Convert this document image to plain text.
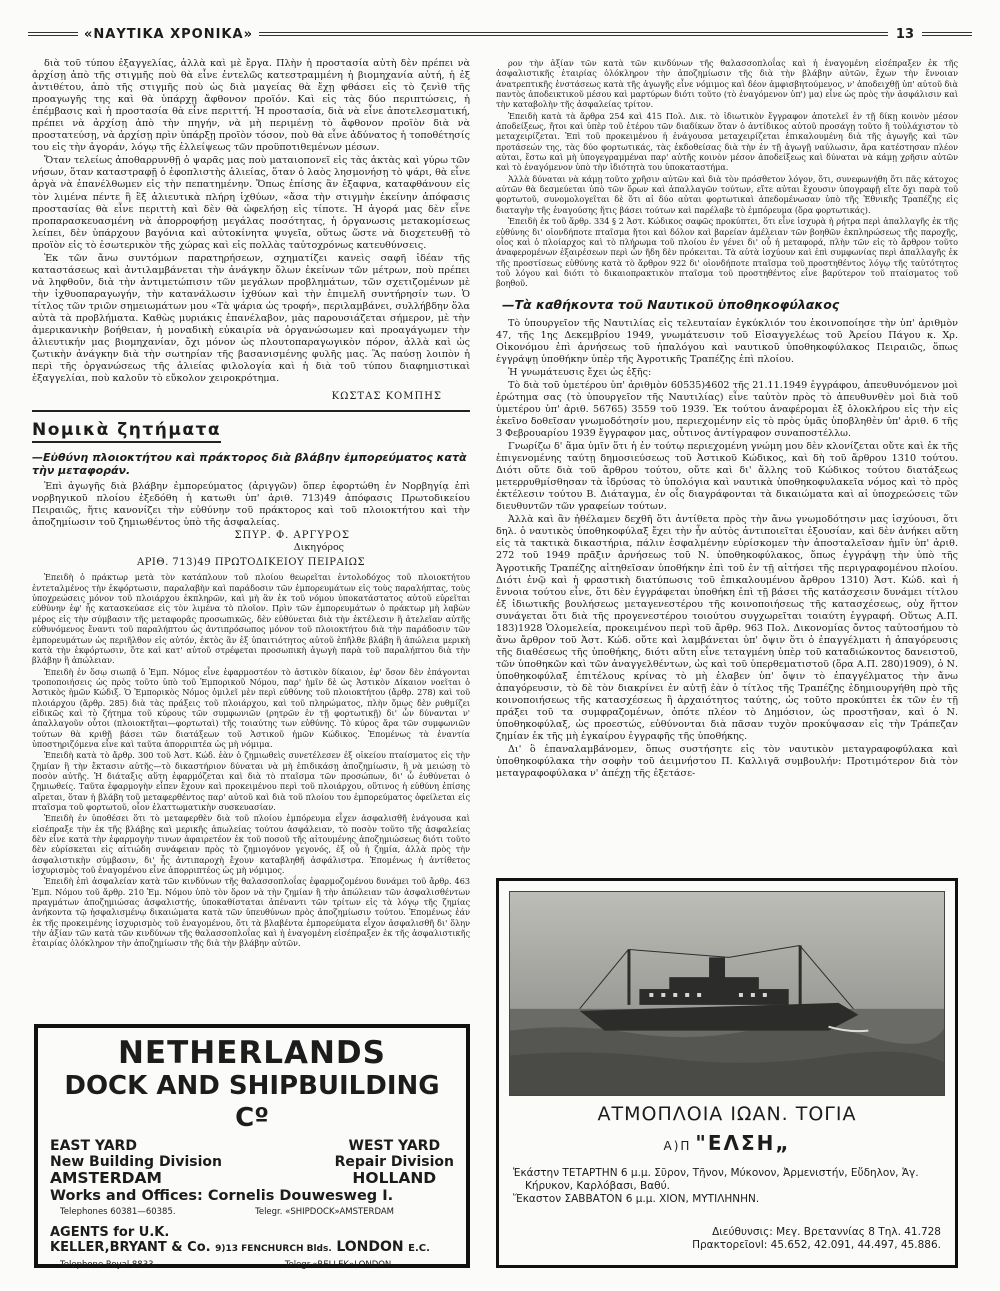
«ΝΑΥΤΙΚΑ ΧΡΟΝΙΚΑ»	13

διὰ τοῦ τύπου ἐξαγγελίας, ἀλλὰ καὶ μὲ ἔργα. Πλὴν ἡ προστασία αὐτὴ δὲν πρέπει νὰ ἀρχίσῃ ἀπὸ τῆς στιγμῆς ποὺ θὰ εἶνε ἐντελῶς κατεστραμμένη ἡ βιομηχανία αὐτή, ἡ ἐξ ἀντιθέτου, ἀπὸ τῆς στιγμῆς ποὺ ὡς διὰ μαγείας θὰ ἔχῃ φθάσει εἰς τὸ ζενὶθ τῆς προαγωγῆς της καὶ θὰ ὑπάρχῃ ἄφθονον προϊόν. Καὶ εἰς τὰς δύο περιπτώσεις, ἡ ἐπέμβασις καὶ ἡ προστασία θὰ εἶνε περιττή. Ἡ προστασία, διὰ νὰ εἶνε ἀποτελεσματική, πρέπει νὰ ἀρχίσῃ ἀπὸ τὴν πηγήν, νὰ μὴ περιμένῃ τὸ ἄφθονον προϊὸν διὰ νὰ προστατεύσῃ, νὰ ἀρχίσῃ πρὶν ὑπάρξῃ προϊὸν τόσον, ποὺ θὰ εἶνε ἀδύνατος ἡ τοποθέτησίς του εἰς τὴν ἀγοράν, λόγῳ τῆς ἐλλείψεως τῶν προϋποτιθεμένων μέσων.

Ὅταν τελείως ἀποθαρρυνθῇ ὁ ψαρᾶς μας ποὺ ματαιοπονεῖ εἰς τὰς ἀκτὰς καὶ γύρω τῶν νήσων, ὅταν καταστραφῇ ὁ ἐφοπλιστὴς ἁλιείας, ὅταν ὁ λαὸς λησμονήσῃ τὸ ψάρι, θὰ εἶνε ἀργὰ νὰ ἐπανέλθωμεν εἰς τὴν πεπατημένην. Ὅπως ἐπίσης ἂν ἐξαφνα, καταφθάνουν εἰς τὸν λιμένα πέντε ἢ ἓξ ἁλιευτικὰ πλήρη ἰχθύων, «ἄσα τὴν στιγμὴν ἐκείνην ἀπόφασις προστασίας θὰ εἶνε περιττὴ καὶ δὲν θὰ ὠφελήσῃ εἰς τίποτε. Ἡ ἀγορά μας δὲν εἶνε προπαρασκευασμένη νὰ ἀπορροφήσῃ μεγάλας ποσότητας, ἡ ὀργανωσις μετακομίσεως λείπει, δὲν ὑπάρχουν βαγόνια καὶ αὐτοκίνητα ψυγεῖα, οὕτως ὥστε νὰ διοχετευθῇ τὸ προϊὸν εἰς τὸ ἐσωτερικὸν τῆς χώρας καὶ εἰς πολλὰς ταὐτοχρόνως κατευθύνσεις.

Ἐκ τῶν ἄνω συντόμων παρατηρήσεων, σχηματίζει κανεὶς σαφῆ ἰδέαν τῆς καταστάσεως καὶ ἀντιλαμβάνεται τὴν ἀνάγκην ὅλων ἐκείνων τῶν μέτρων, ποὺ πρέπει νὰ ληφθοῦν, διὰ τὴν ἀντιμετώπισιν τῶν μεγάλων προβλημάτων, τῶν σχετιζομένων μὲ τὴν ἰχθυοπαραγωγήν, τὴν κατανάλωσιν ἰχθύων καὶ τὴν ἐπιμελῆ συντήρησίν των. Ὁ τίτλος τῶν τριῶν σημειωμάτων μου «Τὰ ψάρια ὡς τροφή», περιλαμβάνει, συλλήβδην ὅλα αὐτὰ τὰ προβλήματα. Καθὼς μυριάκις ἐπανέλαβον, μὰς παρουσιάζεται σήμερον, μὲ τὴν ἀμερικανικὴν βοήθειαν, ἡ μοναδικὴ εὐκαιρία νὰ ὀργανώσωμεν καὶ προαγάγωμεν τὴν ἁλιευτικήν μας βιομηχανίαν, ὄχι μόνον ὡς πλουτοπαραγωγικὸν πόρον, ἀλλὰ καὶ ὡς ζωτικὴν ἀνάγκην διὰ τὴν σωτηρίαν τῆς βασανισμένης φυλῆς μας. Ἂς παύσῃ λοιπὸν ἡ περὶ τῆς ὀργανώσεως τῆς ἁλιείας φιλολογία καὶ ἡ διὰ τοῦ τύπου διαφημιστικαὶ ἐξαγγελίαι, ποὺ καλοῦν τὸ εὔκολον χειροκρότημα.

ΚΩΣΤΑΣ ΚΟΜΠΗΣ
Νομικὰ ζητήματα
—Εὐθύνη πλοιοκτήτου καὶ πράκτορος διὰ βλάβην ἐμπορεύματος κατὰ τὴν μεταφοράν.

Ἐπὶ ἀγωγῆς διὰ βλάβην ἐμπορεύματος (ἀριγγῶν) ὅπερ ἐφορτώθη ἐν Νορβηγίᾳ ἐπὶ νορβηγικοῦ πλοίου ἐξεδόθη ἡ κατωθι ὑπ' ἀριθ. 713)49 ἀπόφασις Πρωτοδικείου Πειραιῶς, ἥτις κανονίζει τὴν εὐθύνην τοῦ πράκτορος καὶ τοῦ πλοιοκτήτου καὶ τὴν ἀποζημίωσιν τοῦ ζημιωθέντος ὑπὸ τῆς ἀσφαλείας.

ΣΠΥΡ. Φ. ΑΡΓΥΡΟΣ
Δικηγόρος
ΑΡΙΘ. 713)49 ΠΡΩΤΟΔΙΚΕΙΟΥ ΠΕΙΡΑΙΩΣ

Ἐπειδὴ ὁ πράκτωρ μετὰ τὸν κατάπλουν τοῦ πλοίου θεωρεῖται ἐντολοδόχος τοῦ πλοιοκτήτου ἐντεταλμένος τὴν ἐκφόρτωσιν, παραλαβὴν καὶ παράδοσιν τῶν ἐμπορευμάτων εἰς τοὺς παραλήπτας, τοὺς ὑποχρεώσεις μόνον τοῦ πλοιάρχου ἐκπληρῶν, καὶ μὴ ἂν ἐκ τοῦ νόμου ὑποκατάστατος αὐτοῦ εὑρεῖται εὐθύνην ἐφ' ἧς κατασκεύασε εἰς τὸν λιμένα τὸ πλοῖον. Πρὶν τῶν ἐμπορευμάτων ὁ πράκτωρ μὴ λαβὼν μέρος εἰς τὴν σύμβασιν τῆς μεταφορᾶς προσωπικῶς, δὲν εὐθύνεται διὰ τὴν ἐκτέλεσιν ἢ ἀτελεῖαν αὐτῆς εὐθυνόμενος ἔναντι τοῦ παραλήπτου ὡς ἀντιπρόσωπος μόνον τοῦ πλοιοκτήτου διὰ τὴν παράδοσιν τῶν ἐμπορευμάτων ὡς περιῆλθον εἰς αὐτόν, ἐκτὸς ἂν ἐξ ὑπαιτιότητος αὐτοῦ ἐπῆλθε βλάβη ἢ ἀπώλεια μερικὴ κατὰ τὴν ἐκφόρτωσιν, ὅτε καὶ κατ' αὐτοῦ στρέφεται προσωπικὴ ἀγωγὴ παρὰ τοῦ παραλήπτου διὰ τὴν βλάβην ἢ ἀπώλειαν.

Ἐπειδὴ ἐν ὅσῳ σιωπᾷ ὁ Ἐμπ. Νόμος εἶνε ἐφαρμοστέον τὸ ἀστικὸν δίκαιον, ἐφ' ὅσον δὲν ἐπάγονται τροποποιήσεις ὡς πρὸς τοῦτο ὑπὸ τοῦ Ἐμπορικοῦ Νόμου, παρ' ἡμῖν δὲ ὡς Ἀστικὸν Δίκαιον νοεῖται ὁ Ἀστικὸς ἡμῶν Κώδιξ. Ὁ Ἐμπορικὸς Νόμος ὁμιλεῖ μὲν περὶ εὐθύνης τοῦ πλοιοκτήτου (ἄρθρ. 278) καὶ τοῦ πλοιάρχου (ἄρθρ. 285) διὰ τὰς πράξεις τοῦ πλοιάρχου, καὶ τοῦ πληρώματος, πλὴν ὅμως δὲν ρυθμίζει εἰδικῶς καὶ τὸ ζήτημα τοῦ κύρους τῶν συμφωνιῶν (ρητρῶν ἐν τῇ φορτωτικῇ) δι' ὧν δύνανται ν' ἀπαλλαγοῦν οὗτοι (πλοιοκτῆται—φορτωταὶ) τῆς τοιαύτης των εὐθύνης. Τὸ κύρος ἄρα τῶν συμφωνιῶν τούτων θὰ κριθῇ βάσει τῶν διατάξεων τοῦ Ἀστικοῦ ἡμῶν Κώδικος. Ἐπομένως τὰ ἐναντία ὑποστηριζόμενα εἶνε καὶ ταῦτα ἀπορριπτέα ὡς μὴ νόμιμα.

Ἐπειδὴ κατὰ τὸ ἄρθρ. 300 τοῦ Ἀστ. Κώδ. ἐὰν ὁ ζημιωθεὶς συνετέλεσεν ἐξ οἰκείου πταίσματος εἰς τὴν ζημίαν ἢ τὴν ἔκτασιν αὐτῆς—τὸ δικαστήριον δύναται νὰ μὴ ἐπιδικάσῃ ἀποζημίωσιν, ἢ νὰ μειώσῃ τὸ ποσὸν αὐτῆς. Ἡ διάταξις αὕτη ἐφαρμόζεται καὶ διὰ τὸ πταῖσμα τῶν προσώπων, δι' ὧ ἐυθύνεται ὁ ζημιωθείς. Ταῦτα ἐφαρμογὴν εἶπεν ἔχουν καὶ προκειμένου περὶ τοῦ πλοιάρχου, οὕτινος ἡ εὐθύνη ἐπίσης αἴρεται, ὅταν ἡ βλάβη τοῦ μεταφερθέντος παρ' αὐτοῦ καὶ διὰ τοῦ πλοίου του ἐμπορεύματος ὀφείλεται εἰς πταῖσμα τοῦ φορτωτοῦ, οἷον ἐλαττωματικὴν συσκευασίαν.

Ἐπειδὴ ἐν ὑποθέσει ὅτι τὸ μεταφερθὲν διὰ τοῦ πλοίου ἐμπόρευμα εἶχεν ἀσφαλισθῆ ἐνάγουσα καὶ εἰσέπραξε τὴν ἐκ τῆς βλάβης καὶ μερικῆς ἀπωλείας τούτου ἀσφάλειαν, τὸ ποσὸν τοῦτο τῆς ἀσφαλείας δὲν εἶνε κατὰ τὴν ἐφαρμογὴν τινων ἀφαιρετέον ἐκ τοῦ ποσοῦ τῆς αἰτουμένης ἀποζημιώσεως διότι τοῦτο δὲν εὑρίσκεται εἰς αἰτιώδη συνάφειαν πρὸς τὸ ζημιογόνον γεγονός, ἐξ οὗ ἡ ζημία, ἀλλὰ πρὸς τὴν ἀσφαλιστικὴν σύμβασιν, δι' ἧς ἀντιπαροχὴ ἔχουν καταβληθῆ ἀσφάλιστρα. Ἐπομένως ἡ ἀντίθετος ἰσχυρισμὸς τοῦ ἐναγομένου εἶνε ἀπορριπτέος ὡς μὴ νόμιμος.

Ἐπειδὴ ἐπὶ ἀσφαλείαν κατὰ τῶν κινδύνων τῆς θαλασσοπλοΐας ἐφαρμοζομένου δυνάμει τοῦ ἄρθρ. 463 Ἐμπ. Νόμου τοῦ ἄρθρ. 210 Ἐμ. Νόμου ὑπὸ τὸν ὅρον νὰ τὴν ζημίαν ἢ τὴν ἀπώλειαν τῶν ἀσφαλισθέντων πραγμάτων ἀποζημιώσας ἀσφαλιστής, ὑποκαθίσταται ἀπέναντι τῶν τρίτων εἰς τὰ λόγῳ τῆς ζημίας ἀνήκοντα τῷ ἠσφαλισμένῳ δικαιώματα κατὰ τῶν ὑπευθύνων πρὸς ἀποζημίωσιν τούτου. Ἐπομένως ἐάν ἐκ τῆς προκειμένης ἰσχυρισμὸς τοῦ ἐναγομένου, ὅτι τὰ βλαβέντα ἐμπορεύματα εἶχον ἀσφαλισθῆ δι' ὅλην τὴν ἀξίαν τῶν κατὰ τῶν κινδύνων τῆς θαλασσοπλοΐας καὶ ἡ ἐναγομένη εἰσέπραξεν ἐκ τῆς ἀσφαλιστικῆς ἑταιρίας ὁλόκληρον τὴν ἀποζημίωσιν τῆς διὰ τὴν βλάβην αὐτῶν.

ρον τὴν ἀξίαν τῶν κατὰ τῶν κινδύνων τῆς θαλασσοπλοΐας καὶ ἡ ἐναγομένη εἰσέπραξεν ἐκ τῆς ἀσφαλιστικῆς ἑταιρίας ὁλόκληρον τὴν ἀποζημίωσιν τῆς διὰ τὴν βλάβην αὐτῶν, ἔχων τὴν ἔννοιαν ἀνατρεπτικῆς ἐνστάσεως κατὰ τῆς ἀγωγῆς εἶνε νόμιμος καὶ δέον ἀμφισβητούμενος, ν' ἀποδειχθῇ ὑπ' αὐτοῦ διὰ παντὸς ἀποδεικτικοῦ μέσου καὶ μαρτύρων διότι τοῦτο (τὸ ἐναγόμενον ὑπ') μα) εἶνε ὡς πρὸς τὴν ἀσφάλισιν καὶ τὴν καταβολὴν τῆς ἀσφαλείας τρίτον.

Ἐπειδὴ κατὰ τὰ ἄρθρα 254 καὶ 415 Πολ. Δικ. τὸ ἰδιωτικὸν ἔγγραφον ἀποτελεῖ ἐν τῇ δίκῃ κοινὸν μέσον ἀποδείξεως, ἤτοι καὶ ὑπὲρ τοῦ ἑτέρου τῶν διαδίκων ὅταν ὁ ἀντίδικος αὐτοῦ προσάγῃ τοῦτο ἢ τοὐλάχιστον τὸ μεταχειρίζεται. Ἐπὶ τοῦ προκειμένου ἡ ἐνάγουσα μεταχειρίζεται ἐπικαλουμένη διὰ τῆς ἀγωγῆς καὶ τῶν προτάσεών της, τὰς δύο φορτωτικάς, τὰς ἐκδοθείσας διὰ τὴν ἐν τῇ ἀγωγῇ ναύλωσιν, ἄρα κατέστησαν πλέον αὐται, ἔστω καὶ μὴ ὑπογεγραμμέναι παρ' αὐτῆς κοινὸν μέσον ἀποδείξεως καὶ δύναται νὰ κάμῃ χρῆσιν αὐτῶν καὶ τὸ ἐναγόμενον ὑπὸ τὴν ἰδιότητὰ του ὑποκαταστήμα.

Ἀλλὰ δύναται νὰ κάμῃ τοῦτο χρῆσιν αὐτῶν καὶ διὰ τὸν πρόσθετον λόγον, ὅτι, συνεφωνήθη ὅτι πᾶς κάτοχος αὐτῶν θὰ δεσμεύεται ὑπὸ τῶν ὅρων καὶ ἀπαλλαγῶν τούτων, εἴτε αὐται ἔχουσιν ὑπογραφῇ εἴτε ὄχι παρὰ τοῦ φορτωτοῦ, συνομολογεῖται δὲ ὅτι αἱ δύο αὐται φορτωτικαὶ ἀπεδομένωσαν ὑπὸ τῆς Ἐθνικῆς Τραπέζης εἰς διαταγὴν τῆς ἐναγούσης ἥτις βάσει τούτων καὶ παρέλαβε τὸ ἐμπόρευμα (ὅρα φορτωτικάς).

Ἐπειδὴ ἐκ τοῦ ἄρθρ. 334 § 2 Ἀστ. Κώδικος σαφῶς προκύπτει, ὅτι εἶνε ἰσχυρὰ ἡ ρήτρα περὶ ἀπαλλαγῆς ἐκ τῆς εὐθύνης δι' οἱονδήποτε πταῖσμα ἤτοι καὶ δόλον καὶ βαρείαν ἀμέλειαν τῶν βοηθῶν ἐκπληρώσεως τῆς παροχῆς, οἷος καὶ ὁ πλοίαρχος καὶ τὸ πλήρωμα τοῦ πλοίου ἐν γένει δι' οὗ ἡ μεταφορά, πλὴν τῶν εἰς τὸ ἄρθρον τοῦτο ἀναφερομένων ἐξαιρέσεων περὶ ὧν ἤδη δὲν πρόκειται. Τὰ αὐτὰ ἰσχύουν καὶ ἐπὶ συμφωνίας περὶ ἀπαλλαγῆς ἐκ τῆς προστίσεως εὐθύνης κατὰ τὸ ἄρθρον 922 δι' οἱονδήποτε πταῖσμα τοῦ προστηθέντος λόγῳ τῆς ταὐτότητος τοῦ λόγου καὶ διότι τὸ δικαιοπρακτικὸν πταῖσμα τοῦ προστηθέντος εἶνε βαρύτερον τοῦ πταίσματος τοῦ βοηθοῦ.

—Τὰ καθήκοντα τοῦ Ναυτικοῦ ὑποθηκοφύλακος

Τὸ ὑπουργεῖον τῆς Ναυτιλίας εἰς τελευταίαν ἐγκύκλιόν του ἐκοινοποίησε τὴν ὑπ' ἀριθμὸν 47, τῆς 1ης Δεκεμβρίου 1949, γνωμάτευσιν τοῦ Εἰσαγγελέως τοῦ Ἀρείου Πάγου κ. Χρ. Οἰκονόμου ἐπὶ ἀρνήσεως τοῦ ἠπαλόγου καὶ ναυτικοῦ ὑποθηκοφύλακος Πειραιῶς, ὅπως ἐγγράψῃ ὑποθήκην ὑπὲρ τῆς Ἀγροτικῆς Τραπέζης ἐπὶ πλοίου.

Ἡ γνωμάτευσις ἔχει ὡς ἑξῆς:

Τὸ διὰ τοῦ ὑμετέρου ὑπ' ἀριθμὸν 60535)4602 τῆς 21.11.1949 ἐγγράφου, ἀπευθυνόμενον μοὶ ἐρώτημα σας (τὸ ὑπουργεῖον τῆς Ναυτιλίας) εἶνε ταὐτὸν πρὸς τὸ ἀπευθυνθὲν μοὶ διὰ τοῦ ὑμετέρου ὑπ' ἀριθ. 56765) 3559 τοῦ 1939. Ἐκ τούτου ἀναφέρομαι ἐξ ὁλοκλήρου εἰς τὴν εἰς ἐκεῖνο δοθεῖσαν γνωμοδότησίν μου, περιεχομένην εἰς τὸ πρὸς ὑμᾶς ὑποβληθὲν ὑπ' ἀριθ. 6 τῆς 3 Φεβρουαρίου 1939 ἔγγραφον μας, οὗτινος ἀντίγραφον συναποστέλλω.

Γνωρίζω δ' ἅμα ὑμῖν ὅτι ἡ ἐν τούτῳ περιεχομένη γνώμη μου δὲν κλονίζεται οὔτε καὶ ἐκ τῆς ἐπιγενομένης ταύτῃ δημοσιεύσεως τοῦ Ἀστικοῦ Κώδικος, καὶ δὴ τοῦ ἄρθρου 1310 τούτου. Διότι οὔτε διὰ τοῦ ἄρθρου τούτου, οὔτε καὶ δι' ἄλλης τοῦ Κώδικος τούτου διατάξεως μετερρυθμίσθησαν τὰ ἰδρύσας τὸ ὑπολόγια καὶ ναυτικὰ ὑποθηκοφυλακεῖα νόμος καὶ τὸ πρὸς ἐκτέλεσιν τούτου Β. Διάταγμα, ἐν οἷς διαγράφονται τὰ δικαιώματα καὶ αἱ ὑποχρεώσεις τῶν διευθυντῶν τῶν γραφείων τούτων.

Ἀλλὰ καὶ ἂν ἠθέλαμεν δεχθῆ ὅτι ἀντίθετα πρὸς τὴν ἄνω γνωμοδότησιν μας ἰσχύουσι, ὅτι δηλ. ὁ ναυτικὸς ὑποθηκοφύλαξ ἔχει τὴν ἦν αὐτὸς ἀντιποιεῖται ἐξουσίαν, καὶ δὲν ἀνήκει αὕτη εἰς τὰ τακτικὰ δικαστήρια, πάλιν ἐσφαλμένην εὑρίσκομεν τὴν ἀποσταλεῖσαν ἡμῖν ὑπ' ἀριθ. 272 τοῦ 1949 πρᾶξιν ἀρνήσεως τοῦ Ν. ὑποθηκοφύλακος, ὅπως ἐγγράψῃ τὴν ὑπὸ τῆς Ἀγροτικῆς Τραπέζης αἰτηθεῖσαν ὑποθήκην ἐπὶ τοῦ ἐν τῇ αἰτήσει τῆς περιγραφομένου πλοίου. Διότι ἐνῷ καὶ ἡ φραστικὴ διατύπωσις τοῦ ἐπικαλουμένου ἄρθρου 1310) Ἀστ. Κώδ. καὶ ἡ ἔννοια τούτου εἶνε, ὅτι δὲν ἐγγράφεται ὑποθήκη ἐπὶ τῇ βάσει τῆς κατάσχεσιν δυνάμει τίτλου ἐξ ἰδιωτικῆς βουλήσεως μεταγενεστέρου τῆς κοινοποιήσεως τῆς κατασχέσεως, οὐχ ἥττον συνάγεται ὅτι διὰ τῆς προγενεστέρου τοιούτου συγχωρεῖται τοιαύτη ἐγγραφή. Οὕτως Α.Π. 183)1928 Ὁλομελεία, προκειμένου περὶ τοῦ ἄρθρ. 963 Πολ. Δικονομίας ὄντος ταὐτοσήμου τὸ ἄνω ἄρθρον τοῦ Ἀστ. Κώδ. οὔτε καὶ λαμβάνεται ὑπ' ὄψιν ὅτι ὁ ἐπαγγέλματι ἡ ἀπαγόρευσις τῆς διαθέσεως τῆς ὑποθήκης, διότι αὕτη εἶνε τεταγμένη ὑπὲρ τοῦ καταδιώκοντος δανειστοῦ, τῶν ὑποθηκῶν καὶ τῶν ἀναγγελθέντων, ὡς καὶ τοῦ ὑπερθεματιστοῦ (ὅρα Α.Π. 280)1909), ὁ Ν. ὑποθηκοφύλαξ ἐπιτέλους κρίνας τὸ μὴ ἐλαβεν ὑπ' ὄψιν τὸ ἐπαγγέλματος τὴν ἄνω ἀπαγόρευσιν, τὸ δὲ τὸν διακρίνει ἐν αὐτῇ ἐὰν ὁ τίτλος τῆς Τραπέζης ἐδημιουργήθη πρὸ τῆς κοινοποιήσεως τῆς κατασχέσεως ἢ ἀρχαιότητος ταύτης, ὡς τοῦτο προκύπτει ἐκ τῶν ἐν τῇ πράξει τοῦ τα συμφραζομένων, ὁπότε πλέον τὸ Δημόσιον, ὡς προστῆσαν, καὶ ὁ Ν. ὑποθηκοφύλαξ, ὡς προεστώς, εὐθύνονται διὰ πᾶσαν τυχὸν προκύψασαν εἰς τὴν Τράπεζαν ζημίαν ἐκ τῆς μὴ ἐγκαίρου ἐγγραφῆς τῆς ὑποθήκης.

Δι' ὃ ἐπαναλαμβάνομεν, ὅπως συστήσητε εἰς τὸν ναυτικὸν μεταγραφοφύλακα καὶ ὑποθηκοφύλακα τὴν σοφὴν τοῦ ἀειμνήστου Π. Καλλιγᾶ συμβουλήν: Προτιμότερον διὰ τὸν μεταγραφοφύλακα ν' ἀπέχῃ τῆς ἐξετάσε-

NETHERLANDS
DOCK AND SHIPBUILDING Cº
EAST YARD
New Building Division
AMSTERDAM
WEST YARD
Repair Division
HOLLAND
Works and Offices: Cornelis Douwesweg I.
Telephones 60381—60385.	Telegr. «SHIPDOCK»AMSTERDAM
AGENTS for U.K.
KELLER,BRYANT & Co. 9)13 FENCHURCH Blds. LONDON E.C.
Telephone Royal 8833.	Telegr.«RELLEK»LONDON.
ΑΤΜΟΠΛΟΙΑ ΙΩΑΝ. ΤΟΓΙΑ
Α)Π "ΕΛΣΗ„
Ἑκάστην ΤΕΤΑΡΤΗΝ 6 μ.μ. Σῦρον, Τῆνον, Μύκονον, Ἀρμενιστήν, Εὔδηλον, Ἁγ. Κήρυκον, Καρλόβασι, Βαθύ.
Ἕκαστον ΣΑΒΒΑΤΟΝ 6 μ.μ. ΧΙΟΝ, ΜΥΤΙΛΗΝΗΝ.
Διεύθυνσις: Μεγ. Βρεταννίας 8 Τηλ. 41.728
ΠρακτορεῖονΙ: 45.652, 42.091, 44.497, 45.886.
